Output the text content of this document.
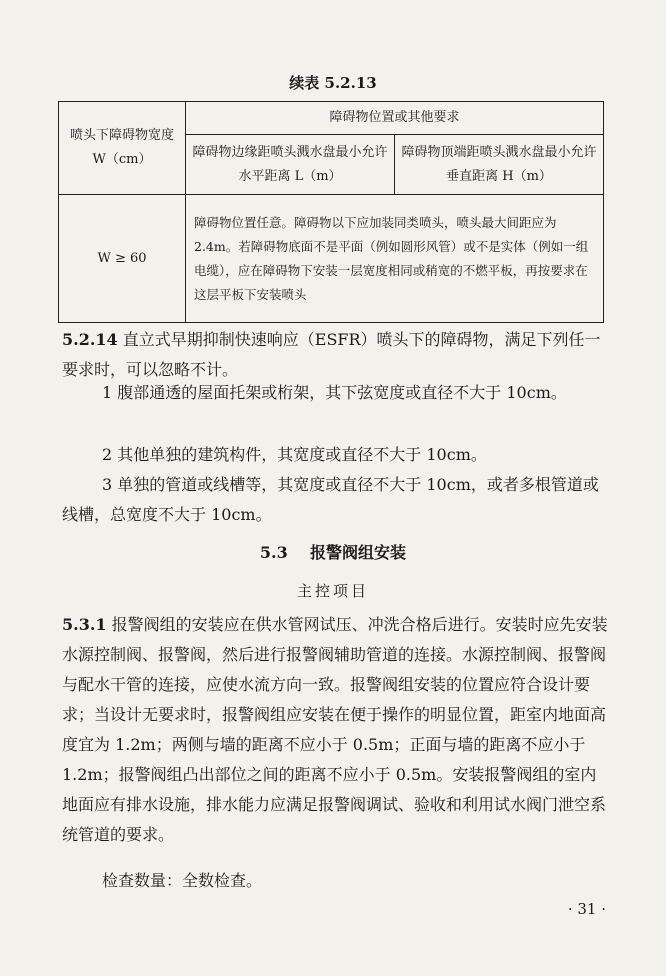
续表 5.2.13
喷头下障碍物宽度 W（cm）	障碍物位置或其他要求	
	障碍物边缘距喷头溅水盘最小允许水平距离 L（m）	障碍物顶端距喷头溅水盘最小允许垂直距离 H（m）
W ≥ 60	障碍物位置任意。障碍物以下应加装同类喷头，喷头最大间距应为 2.4m。若障碍物底面不是平面（例如圆形风管）或不是实体（例如一组电缆），应在障碍物下安装一层宽度相同或稍宽的不燃平板，再按要求在这层平板下安装喷头	
5.2.14 直立式早期抑制快速响应（ESFR）喷头下的障碍物，满足下列任一要求时，可以忽略不计。
1 腹部通透的屋面托架或桁架，其下弦宽度或直径不大于 10cm。
2 其他单独的建筑构件，其宽度或直径不大于 10cm。
3 单独的管道或线槽等，其宽度或直径不大于 10cm，或者多根管道或线槽，总宽度不大于 10cm。
5.3 报警阀组安装
主控项目
5.3.1 报警阀组的安装应在供水管网试压、冲洗合格后进行。安装时应先安装水源控制阀、报警阀，然后进行报警阀辅助管道的连接。水源控制阀、报警阀与配水干管的连接，应使水流方向一致。报警阀组安装的位置应符合设计要求；当设计无要求时，报警阀组应安装在便于操作的明显位置，距室内地面高度宜为 1.2m；两侧与墙的距离不应小于 0.5m；正面与墙的距离不应小于 1.2m；报警阀组凸出部位之间的距离不应小于 0.5m。安装报警阀组的室内地面应有排水设施，排水能力应满足报警阀调试、验收和利用试水阀门泄空系统管道的要求。
检查数量：全数检查。
· 31 ·
